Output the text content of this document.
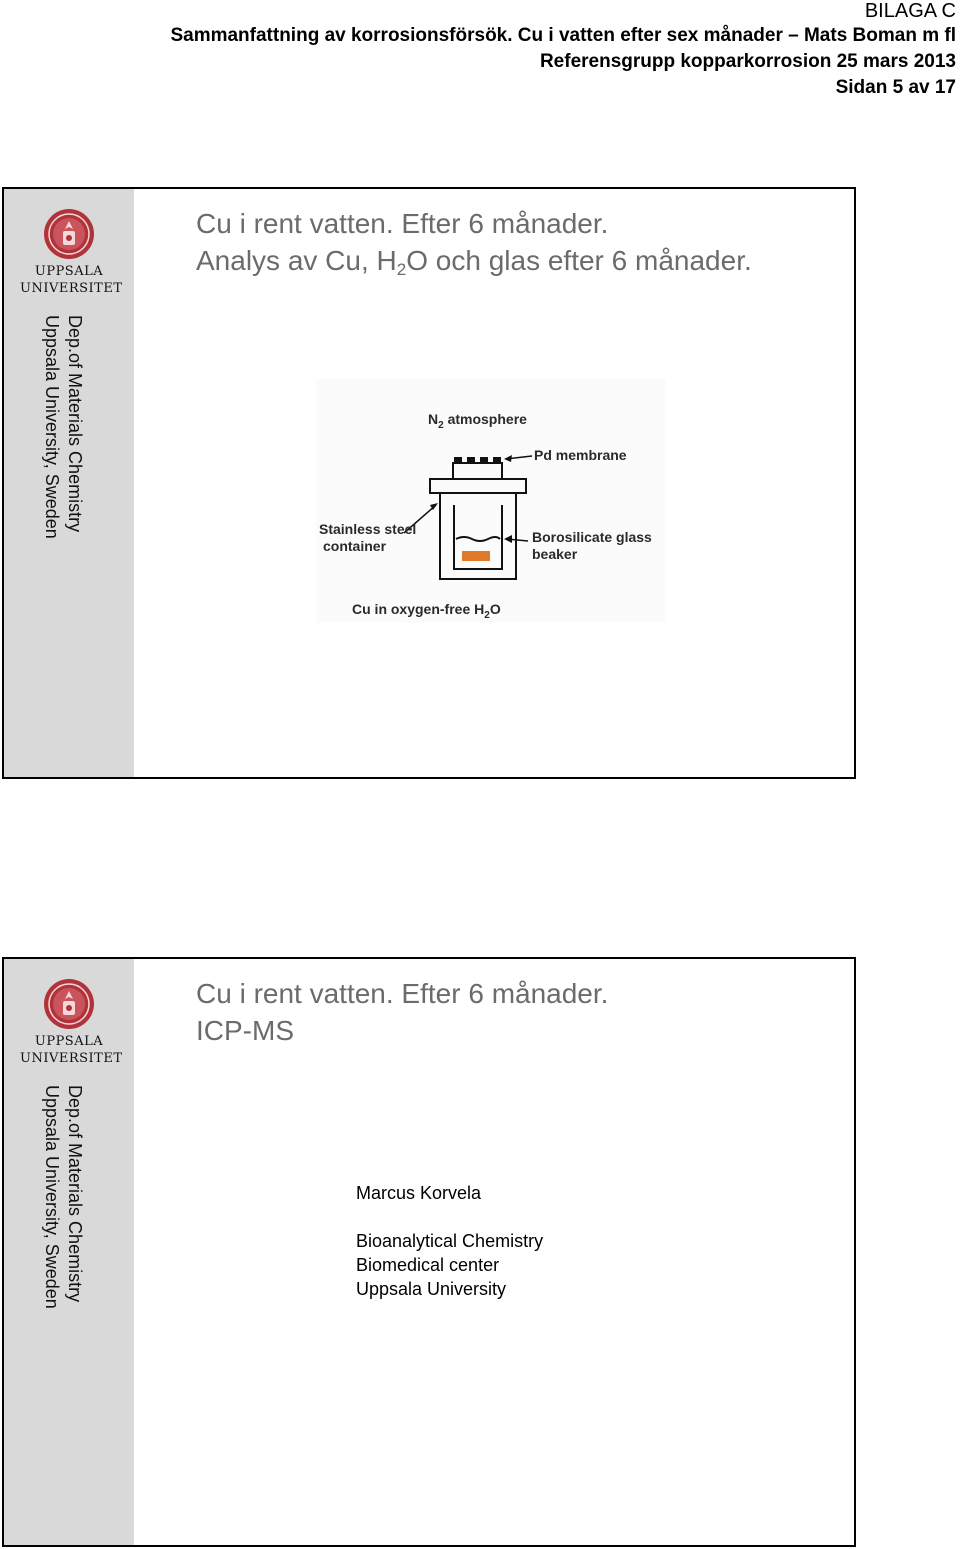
BILAGA C
Sammanfattning av korrosionsförsök. Cu i vatten efter sex månader – Mats Boman m fl
Referensgrupp kopparkorrosion 25 mars 2013
Sidan 5 av 17
UPPSALA
UNIVERSITET
Dep.of Materials Chemistry
Uppsala University, Sweden
Cu i rent vatten. Efter 6 månader.
Analys av Cu, $H_2O$ och glas efter 6 månader.
$N_2$ atmosphere
Pd membrane
Stainless steel
container
Borosilicate glass
beaker
Cu in oxygen-free $H_2O$
UPPSALA
UNIVERSITET
Dep.of Materials Chemistry
Uppsala University, Sweden
Cu i rent vatten. Efter 6 månader.
ICP-MS
Marcus Korvela
Bioanalytical Chemistry
Biomedical center
Uppsala University
